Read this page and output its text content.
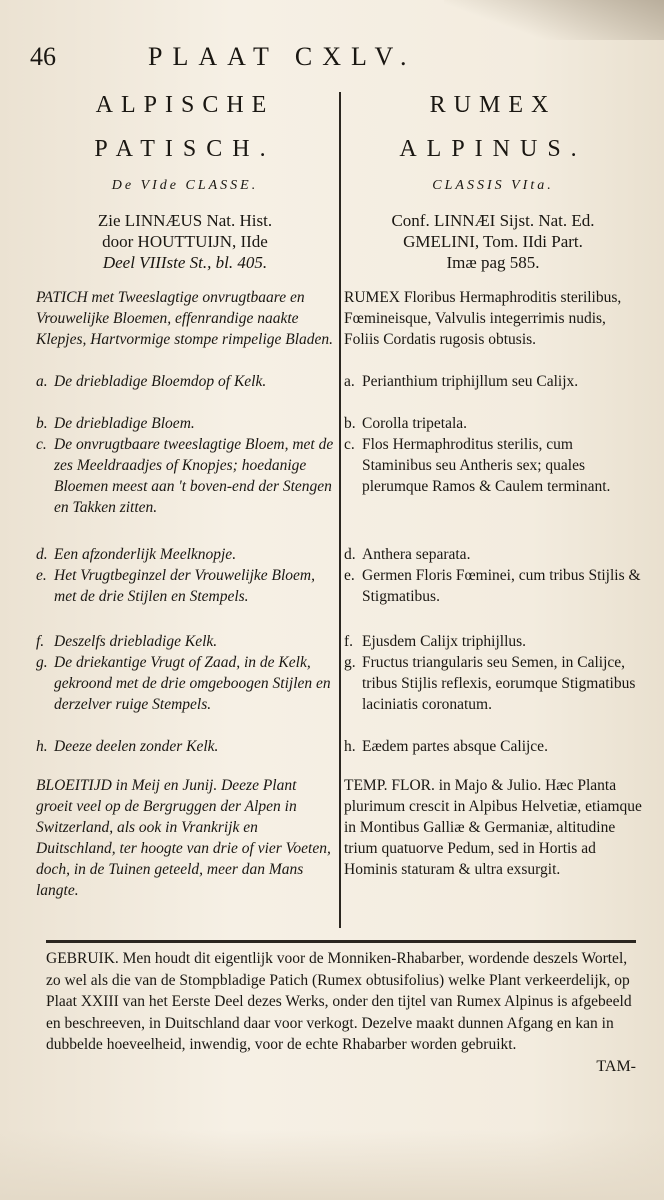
46	PLAAT CXLV.
ALPISCHE
PATISCH.
De VIde CLASSE.
Zie LINNÆUS Nat. Hist.
door HOUTTUIJN, IIde
Deel VIIIste St., bl. 405.
PATICH met Tweeslagtige onvrugtbaare en Vrouwelijke Bloemen, effenrandige naakte Klepjes, Hartvormige stompe rimpelige Bladen.
a. De driebladige Bloemdop of Kelk.
b. De driebladige Bloem.
c. De onvrugtbaare tweeslagtige Bloem, met de zes Meeldraadjes of Knopjes; hoedanige Bloemen meest aan 't boven-end der Stengen en Takken zitten.
d. Een afzonderlijk Meelknopje.
e. Het Vrugtbeginzel der Vrouwelijke Bloem, met de drie Stijlen en Stempels.
f. Deszelfs driebladige Kelk.
g. De driekantige Vrugt of Zaad, in de Kelk, gekroond met de drie omgeboogen Stijlen en derzelver ruige Stempels.
h. Deeze deelen zonder Kelk.
BLOEITIJD in Meij en Junij. Deeze Plant groeit veel op de Bergruggen der Alpen in Switzerland, als ook in Vrankrijk en Duitschland, ter hoogte van drie of vier Voeten, doch, in de Tuinen geteeld, meer dan Mans langte.
RUMEX
ALPINUS.
CLASSIS VIta.
Conf. LINNÆI Sijst. Nat. Ed.
GMELINI, Tom. IIdi Part.
Imæ pag 585.
RUMEX Floribus Hermaphroditis sterilibus, Fœmineisque, Valvulis integerrimis nudis, Foliis Cordatis rugosis obtusis.
a. Perianthium triphijllum seu Calijx.
b. Corolla tripetala.
c. Flos Hermaphroditus sterilis, cum Staminibus seu Antheris sex; quales plerumque Ramos & Caulem terminant.
d. Anthera separata.
e. Germen Floris Fœminei, cum tribus Stijlis & Stigmatibus.
f. Ejusdem Calijx triphijllus.
g. Fructus triangularis seu Semen, in Calijce, tribus Stijlis reflexis, eorumque Stigmatibus laciniatis coronatum.
h. Eædem partes absque Calijce.
TEMP. FLOR. in Majo & Julio. Hæc Planta plurimum crescit in Alpibus Helvetiæ, etiamque in Montibus Galliæ & Germaniæ, altitudine trium quatuorve Pedum, sed in Hortis ad Hominis staturam & ultra exsurgit.
GEBRUIK. Men houdt dit eigentlijk voor de Monniken-Rhabarber, wordende deszels Wortel, zo wel als die van de Stompbladige Patich (Rumex obtusifolius) welke Plant verkeerdelijk, op Plaat XXIII van het Eerste Deel dezes Werks, onder den tijtel van Rumex Alpinus is afgebeeld en beschreeven, in Duitschland daar voor verkogt. Dezelve maakt dunnen Afgang en kan in dubbelde hoeveelheid, inwendig, voor de echte Rhabarber worden gebruikt.
TAM-
